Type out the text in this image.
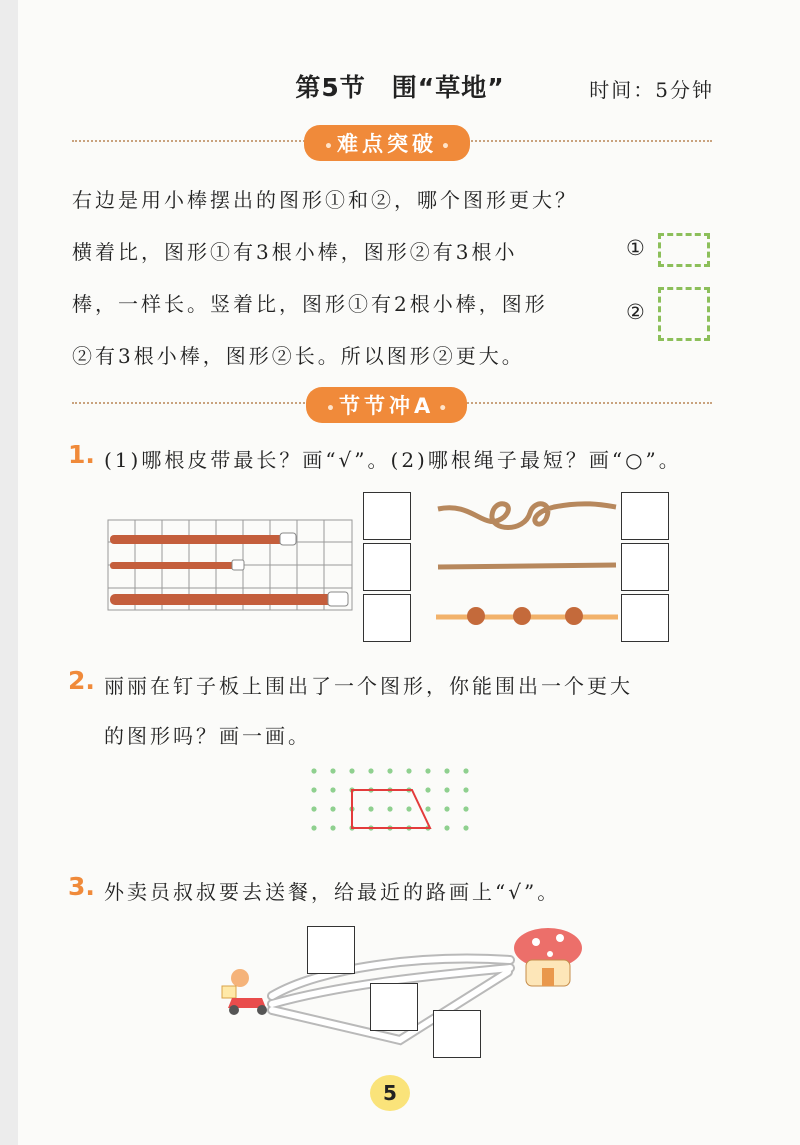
第5节 围“草地”	时间：5分钟
• 难点突破 •
右边是用小棒摆出的图形①和②，哪个图形更大？
横着比，图形①有3根小棒，图形②有3根小
棒，一样长。竖着比，图形①有2根小棒，图形
②有3根小棒，图形②长。所以图形②更大。
①
②
• 节节冲A •
1. (1)哪根皮带最长？画“√”。(2)哪根绳子最短？画“○”。
2. 丽丽在钉子板上围出了一个图形，你能围出一个更大
的图形吗？画一画。
3. 外卖员叔叔要去送餐，给最近的路画上“√”。
5
